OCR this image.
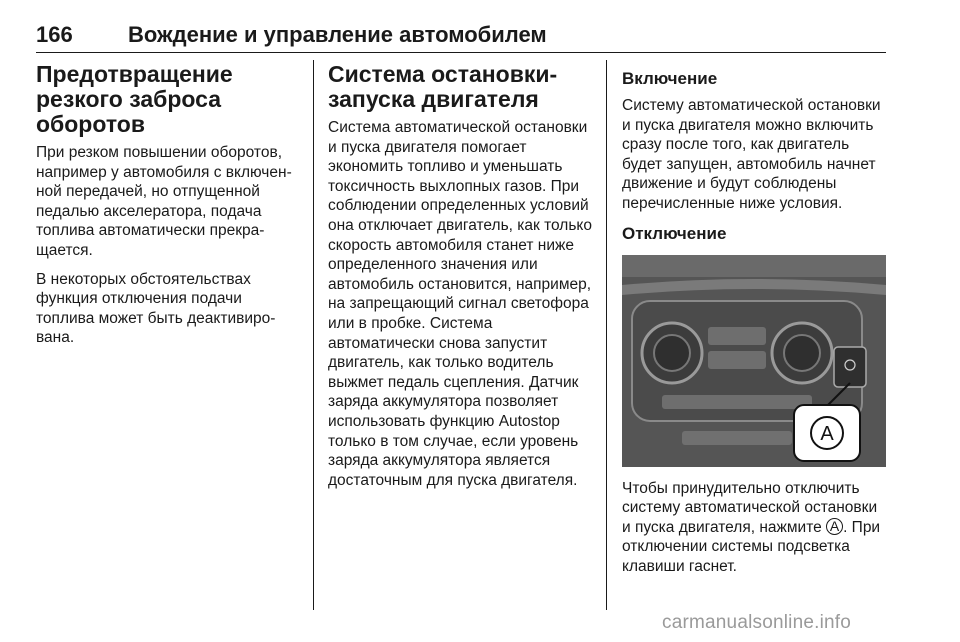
166	Вождение и управление автомобилем
Предотвращение резкого заброса оборотов

При резком повышении оборотов, например у автомобиля с включенной передачей, но отпущенной педалью акселератора, подача топлива автоматически прекращается.

В некоторых обстоятельствах функция отключения подачи топлива может быть деактивирована.

Система остановки-запуска двигателя

Система автоматической остановки и пуска двигателя помогает экономить топливо и уменьшать токсичность выхлопных газов. При соблюдении определенных условий она отключает двигатель, как только скорость автомобиля станет ниже определенного значения или автомобиль остановится, например, на запрещающий сигнал светофора или в пробке. Система автоматически снова запустит двигатель, как только водитель выжмет педаль сцепления. Датчик заряда аккумулятора позволяет использовать функцию Autostop только в том случае, если уровень заряда аккумулятора является достаточным для пуска двигателя.

Включение

Систему автоматической остановки и пуска двигателя можно включить сразу после того, как двигатель будет запущен, автомобиль начнет движение и будут соблюдены перечисленные ниже условия.

Отключение
A

Чтобы принудительно отключить систему автоматической остановки и пуска двигателя, нажмите A . При отключении системы подсветка клавиши гаснет.

carmanualsonline.info
